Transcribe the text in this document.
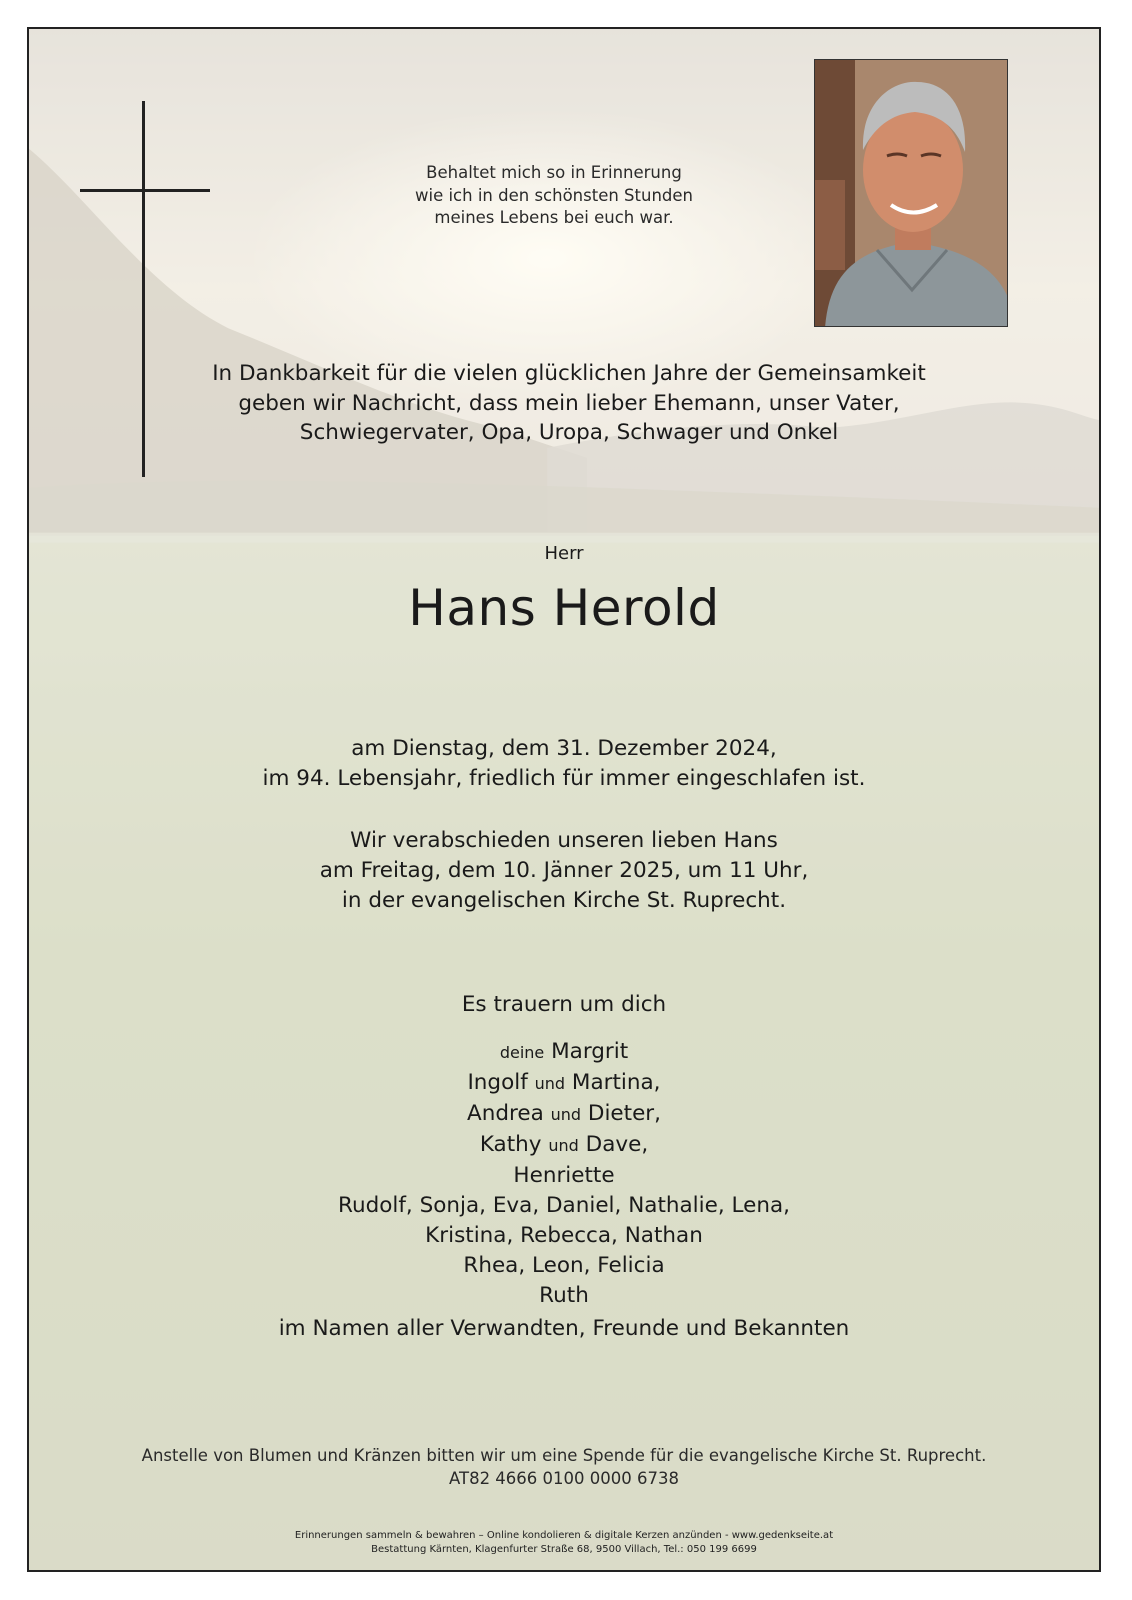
Behaltet mich so in Erinnerung
wie ich in den schönsten Stunden
meines Lebens bei euch war.
In Dankbarkeit für die vielen glücklichen Jahre der Gemeinsamkeit
geben wir Nachricht, dass mein lieber Ehemann, unser Vater,
Schwiegervater, Opa, Uropa, Schwager und Onkel
Herr
Hans Herold
am Dienstag, dem 31. Dezember 2024,
im 94. Lebensjahr, friedlich für immer eingeschlafen ist.
Wir verabschieden unseren lieben Hans
am Freitag, dem 10. Jänner 2025, um 11 Uhr,
in der evangelischen Kirche St. Ruprecht.
Es trauern um dich
deine Margrit
Ingolf und Martina,
Andrea und Dieter,
Kathy und Dave,
Henriette
Rudolf, Sonja, Eva, Daniel, Nathalie, Lena,
Kristina, Rebecca, Nathan
Rhea, Leon, Felicia
Ruth
im Namen aller Verwandten, Freunde und Bekannten
Anstelle von Blumen und Kränzen bitten wir um eine Spende für die evangelische Kirche St. Ruprecht.
AT82 4666 0100 0000 6738
Erinnerungen sammeln & bewahren – Online kondolieren & digitale Kerzen anzünden - www.gedenkseite.at
Bestattung Kärnten, Klagenfurter Straße 68, 9500 Villach, Tel.: 050 199 6699
